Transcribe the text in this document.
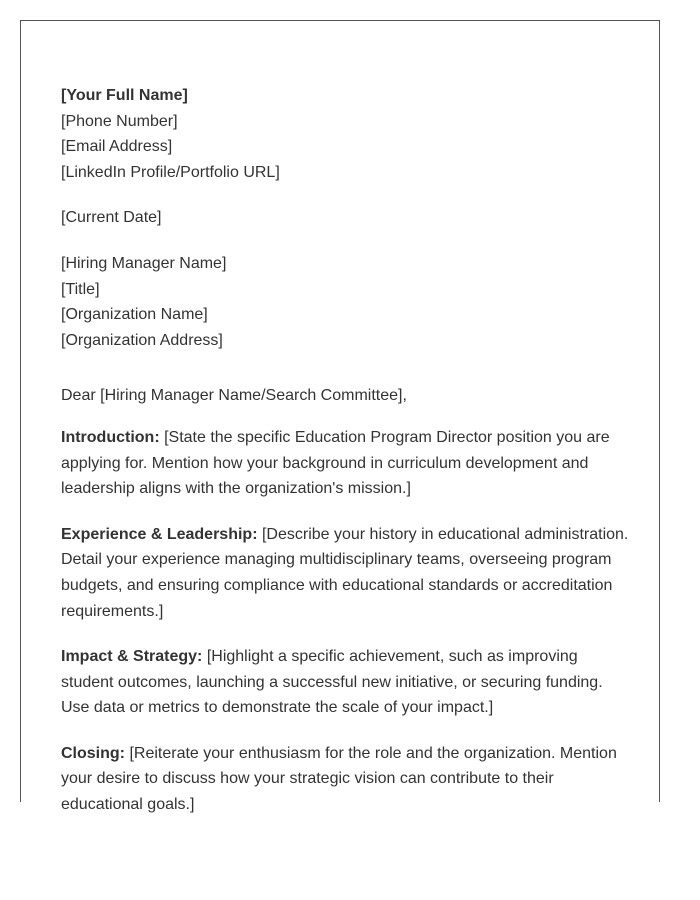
[Your Full Name]
[Phone Number]
[Email Address]
[LinkedIn Profile/Portfolio URL]
[Current Date]
[Hiring Manager Name]
[Title]
[Organization Name]
[Organization Address]

Dear [Hiring Manager Name/Search Committee],

Introduction: [State the specific Education Program Director position you are applying for. Mention how your background in curriculum development and leadership aligns with the organization's mission.]

Experience & Leadership: [Describe your history in educational administration. Detail your experience managing multidisciplinary teams, overseeing program budgets, and ensuring compliance with educational standards or accreditation requirements.]

Impact & Strategy: [Highlight a specific achievement, such as improving student outcomes, launching a successful new initiative, or securing funding. Use data or metrics to demonstrate the scale of your impact.]

Closing: [Reiterate your enthusiasm for the role and the organization. Mention your desire to discuss how your strategic vision can contribute to their educational goals.]
